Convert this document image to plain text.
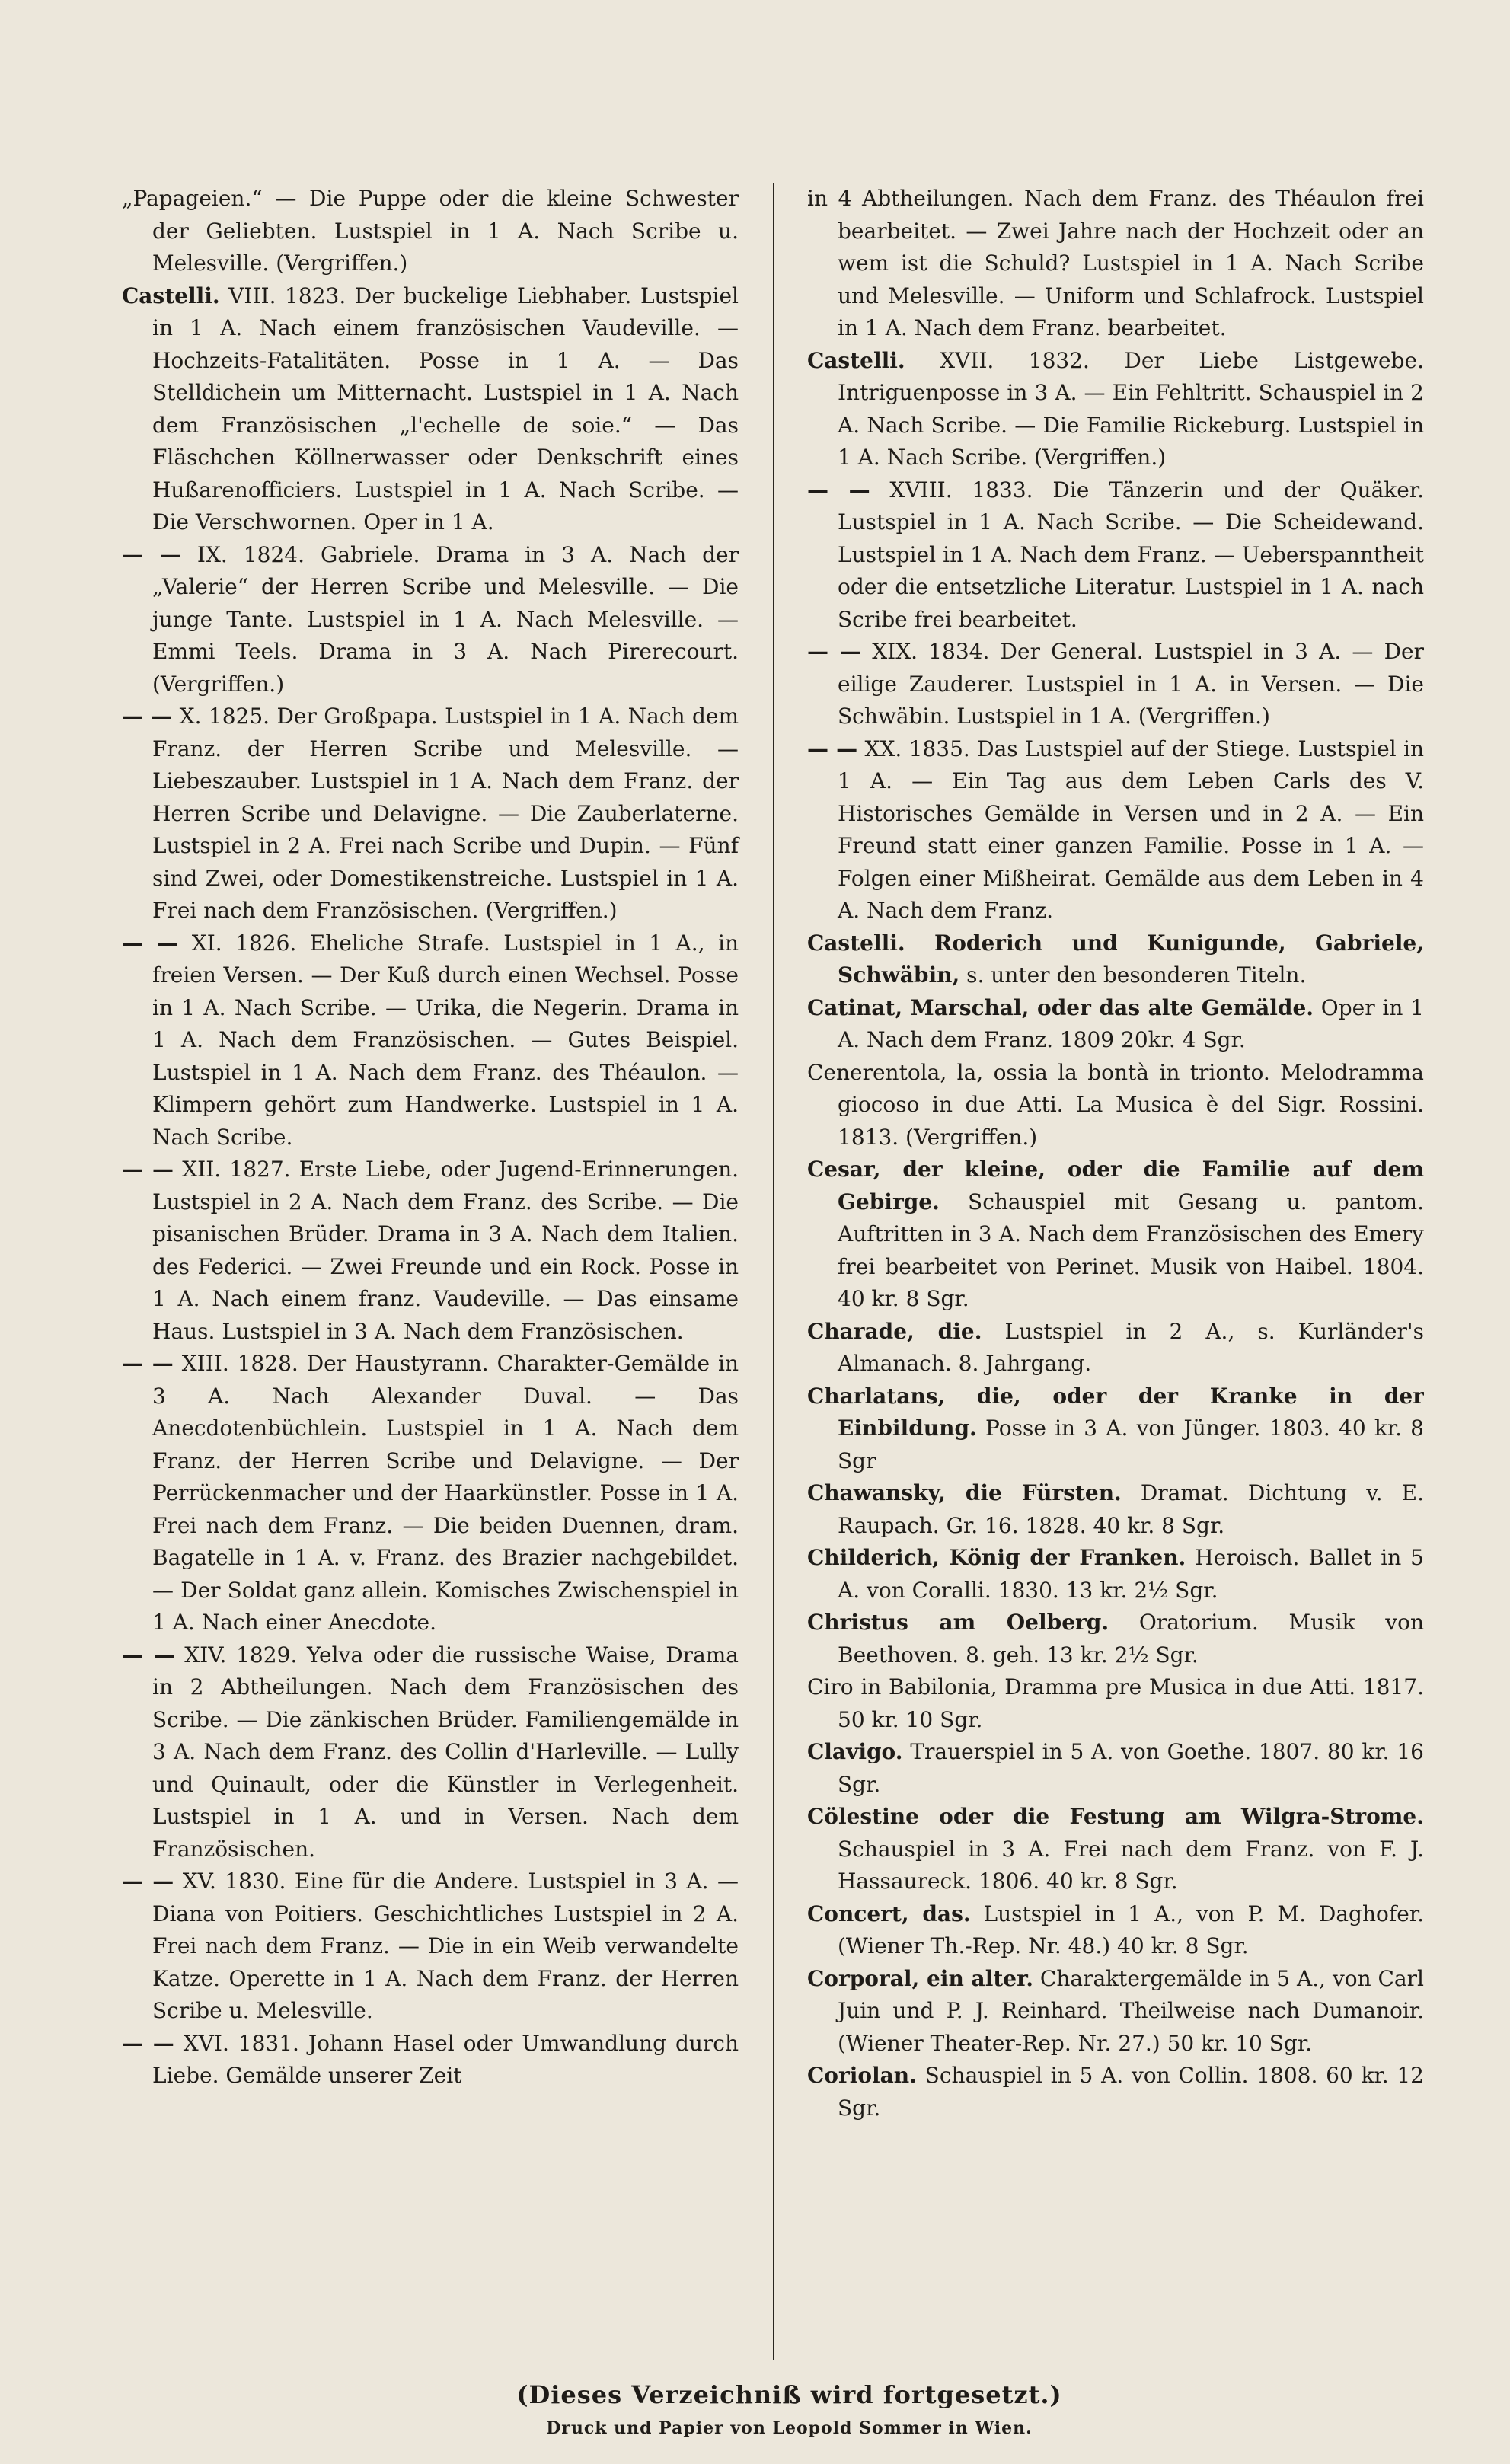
„Papageien.“ — Die Puppe oder die kleine Schwester der Geliebten. Lustspiel in 1 A. Nach Scribe u. Melesville. (Vergriffen.)

Castelli. VIII. 1823. Der buckelige Liebhaber. Lustspiel in 1 A. Nach einem französischen Vaudeville. — Hochzeits-Fatalitäten. Posse in 1 A. — Das Stelldichein um Mitternacht. Lustspiel in 1 A. Nach dem Französischen „l'echelle de soie.“ — Das Fläschchen Köllnerwasser oder Denkschrift eines Hußarenofficiers. Lustspiel in 1 A. Nach Scribe. — Die Verschwornen. Oper in 1 A.

— — IX. 1824. Gabriele. Drama in 3 A. Nach der „Valerie“ der Herren Scribe und Melesville. — Die junge Tante. Lustspiel in 1 A. Nach Melesville. — Emmi Teels. Drama in 3 A. Nach Pirerecourt. (Vergriffen.)

— — X. 1825. Der Großpapa. Lustspiel in 1 A. Nach dem Franz. der Herren Scribe und Melesville. — Liebeszauber. Lustspiel in 1 A. Nach dem Franz. der Herren Scribe und Delavigne. — Die Zauberlaterne. Lustspiel in 2 A. Frei nach Scribe und Dupin. — Fünf sind Zwei, oder Domestikenstreiche. Lustspiel in 1 A. Frei nach dem Französischen. (Vergriffen.)

— — XI. 1826. Eheliche Strafe. Lustspiel in 1 A., in freien Versen. — Der Kuß durch einen Wechsel. Posse in 1 A. Nach Scribe. — Urika, die Negerin. Drama in 1 A. Nach dem Französischen. — Gutes Beispiel. Lustspiel in 1 A. Nach dem Franz. des Théaulon. — Klimpern gehört zum Handwerke. Lustspiel in 1 A. Nach Scribe.

— — XII. 1827. Erste Liebe, oder Jugend-Erinnerungen. Lustspiel in 2 A. Nach dem Franz. des Scribe. — Die pisanischen Brüder. Drama in 3 A. Nach dem Italien. des Federici. — Zwei Freunde und ein Rock. Posse in 1 A. Nach einem franz. Vaudeville. — Das einsame Haus. Lustspiel in 3 A. Nach dem Französischen.

— — XIII. 1828. Der Haustyrann. Charakter-Gemälde in 3 A. Nach Alexander Duval. — Das Anecdotenbüchlein. Lustspiel in 1 A. Nach dem Franz. der Herren Scribe und Delavigne. — Der Perrückenmacher und der Haarkünstler. Posse in 1 A. Frei nach dem Franz. — Die beiden Duennen, dram. Bagatelle in 1 A. v. Franz. des Brazier nachgebildet. — Der Soldat ganz allein. Komisches Zwischenspiel in 1 A. Nach einer Anecdote.

— — XIV. 1829. Yelva oder die russische Waise, Drama in 2 Abtheilungen. Nach dem Französischen des Scribe. — Die zänkischen Brüder. Familiengemälde in 3 A. Nach dem Franz. des Collin d'Harleville. — Lully und Quinault, oder die Künstler in Verlegenheit. Lustspiel in 1 A. und in Versen. Nach dem Französischen.

— — XV. 1830. Eine für die Andere. Lustspiel in 3 A. — Diana von Poitiers. Geschichtliches Lustspiel in 2 A. Frei nach dem Franz. — Die in ein Weib verwandelte Katze. Operette in 1 A. Nach dem Franz. der Herren Scribe u. Melesville.

— — XVI. 1831. Johann Hasel oder Umwandlung durch Liebe. Gemälde unserer Zeit

in 4 Abtheilungen. Nach dem Franz. des Théaulon frei bearbeitet. — Zwei Jahre nach der Hochzeit oder an wem ist die Schuld? Lustspiel in 1 A. Nach Scribe und Melesville. — Uniform und Schlafrock. Lustspiel in 1 A. Nach dem Franz. bearbeitet.

Castelli. XVII. 1832. Der Liebe Listgewebe. Intriguenposse in 3 A. — Ein Fehltritt. Schauspiel in 2 A. Nach Scribe. — Die Familie Rickeburg. Lustspiel in 1 A. Nach Scribe. (Vergriffen.)

— — XVIII. 1833. Die Tänzerin und der Quäker. Lustspiel in 1 A. Nach Scribe. — Die Scheidewand. Lustspiel in 1 A. Nach dem Franz. — Ueberspanntheit oder die entsetzliche Literatur. Lustspiel in 1 A. nach Scribe frei bearbeitet.

— — XIX. 1834. Der General. Lustspiel in 3 A. — Der eilige Zauderer. Lustspiel in 1 A. in Versen. — Die Schwäbin. Lustspiel in 1 A. (Vergriffen.)

— — XX. 1835. Das Lustspiel auf der Stiege. Lustspiel in 1 A. — Ein Tag aus dem Leben Carls des V. Historisches Gemälde in Versen und in 2 A. — Ein Freund statt einer ganzen Familie. Posse in 1 A. — Folgen einer Mißheirat. Gemälde aus dem Leben in 4 A. Nach dem Franz.

Castelli. Roderich und Kunigunde, Gabriele, Schwäbin, s. unter den besonderen Titeln.

Catinat, Marschal, oder das alte Gemälde. Oper in 1 A. Nach dem Franz. 1809 20kr. 4 Sgr.

Cenerentola, la, ossia la bontà in trionto. Melodramma giocoso in due Atti. La Musica è del Sigr. Rossini. 1813. (Vergriffen.)

Cesar, der kleine, oder die Familie auf dem Gebirge. Schauspiel mit Gesang u. pantom. Auftritten in 3 A. Nach dem Französischen des Emery frei bearbeitet von Perinet. Musik von Haibel. 1804. 40 kr. 8 Sgr.

Charade, die. Lustspiel in 2 A., s. Kurländer's Almanach. 8. Jahrgang.

Charlatans, die, oder der Kranke in der Einbildung. Posse in 3 A. von Jünger. 1803. 40 kr. 8 Sgr

Chawansky, die Fürsten. Dramat. Dichtung v. E. Raupach. Gr. 16. 1828. 40 kr. 8 Sgr.

Childerich, König der Franken. Heroisch. Ballet in 5 A. von Coralli. 1830. 13 kr. 2½ Sgr.

Christus am Oelberg. Oratorium. Musik von Beethoven. 8. geh. 13 kr. 2½ Sgr.

Ciro in Babilonia, Dramma pre Musica in due Atti. 1817. 50 kr. 10 Sgr.

Clavigo. Trauerspiel in 5 A. von Goethe. 1807. 80 kr. 16 Sgr.

Cölestine oder die Festung am Wilgra-Strome. Schauspiel in 3 A. Frei nach dem Franz. von F. J. Hassaureck. 1806. 40 kr. 8 Sgr.

Concert, das. Lustspiel in 1 A., von P. M. Daghofer. (Wiener Th.-Rep. Nr. 48.) 40 kr. 8 Sgr.

Corporal, ein alter. Charaktergemälde in 5 A., von Carl Juin und P. J. Reinhard. Theilweise nach Dumanoir. (Wiener Theater-Rep. Nr. 27.) 50 kr. 10 Sgr.

Coriolan. Schauspiel in 5 A. von Collin. 1808. 60 kr. 12 Sgr.

(Dieses Verzeichniß wird fortgesetzt.)
Druck und Papier von Leopold Sommer in Wien.
